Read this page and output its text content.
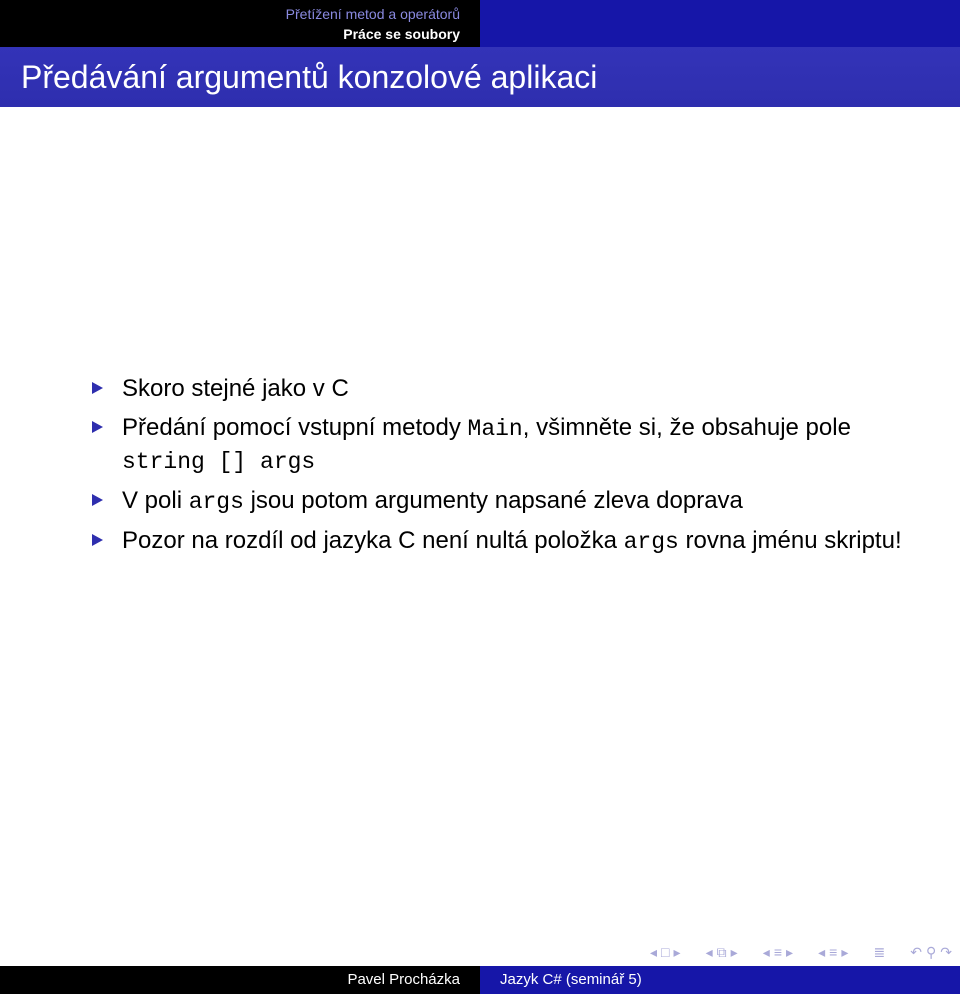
Přetížení metod a operátorů
Práce se soubory
Předávání argumentů konzolové aplikaci
Skoro stejné jako v C
Předání pomocí vstupní metody Main, všimněte si, že obsahuje pole string [] args
V poli args jsou potom argumenty napsané zleva doprava
Pozor na rozdíl od jazyka C není nultá položka args rovna jménu skriptu!
◂ □ ▸ ◂ ⧉ ▸ ◂ ≡ ▸ ◂ ≡ ▸ ≣ ↶ ⚲ ↷
Pavel Procházka	Jazyk C# (seminář 5)
